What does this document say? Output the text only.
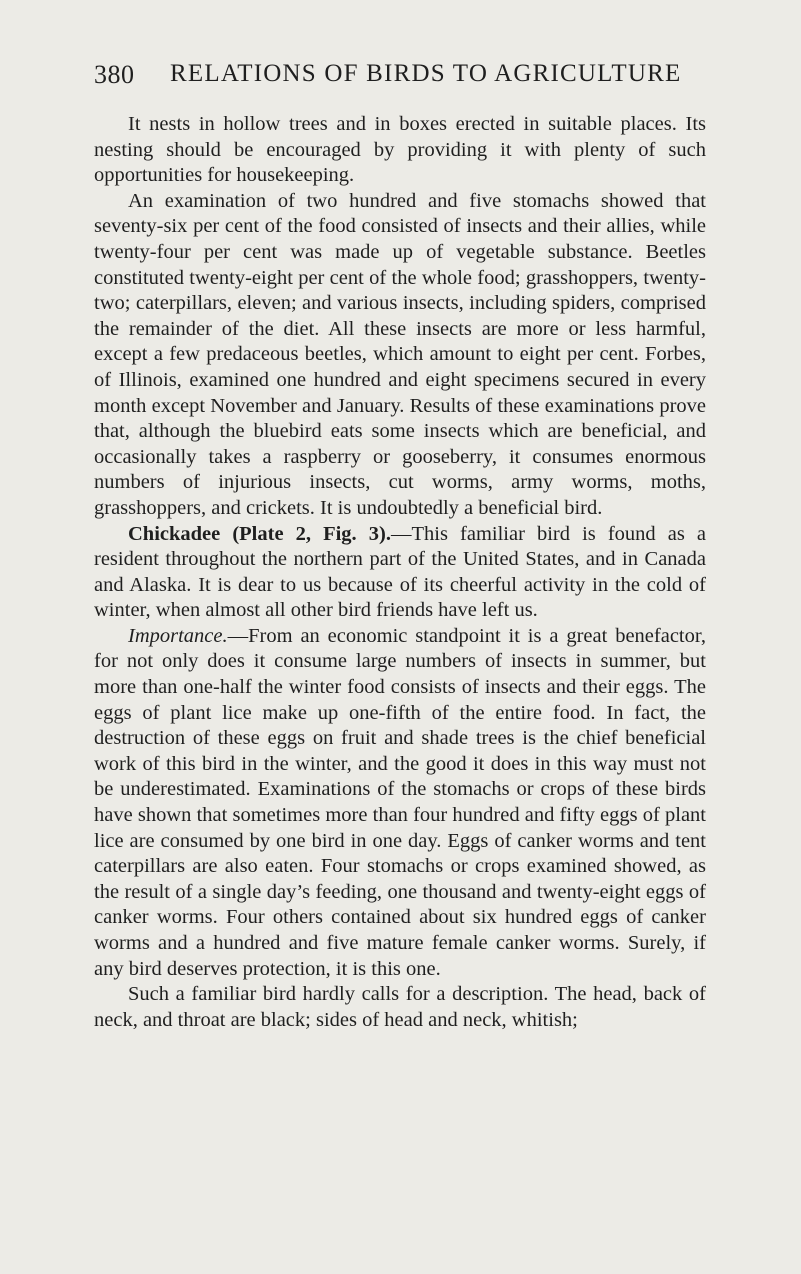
380 RELATIONS OF BIRDS TO AGRICULTURE

It nests in hollow trees and in boxes erected in suitable places. Its nesting should be encouraged by providing it with plenty of such opportunities for housekeeping.

An examination of two hundred and five stomachs showed that seventy-six per cent of the food consisted of insects and their allies, while twenty-four per cent was made up of vegetable substance. Beetles constituted twenty-eight per cent of the whole food; grasshoppers, twenty-two; caterpillars, eleven; and various insects, including spiders, comprised the remainder of the diet. All these insects are more or less harmful, except a few predaceous beetles, which amount to eight per cent. Forbes, of Illinois, examined one hundred and eight specimens secured in every month except November and January. Results of these examinations prove that, although the bluebird eats some insects which are beneficial, and occasionally takes a raspberry or gooseberry, it consumes enormous numbers of injurious insects, cut worms, army worms, moths, grasshoppers, and crickets. It is undoubtedly a beneficial bird.

Chickadee (Plate 2, Fig. 3).—This familiar bird is found as a resident throughout the northern part of the United States, and in Canada and Alaska. It is dear to us because of its cheerful activity in the cold of winter, when almost all other bird friends have left us.

Importance.—From an economic standpoint it is a great benefactor, for not only does it consume large numbers of insects in summer, but more than one-half the winter food consists of insects and their eggs. The eggs of plant lice make up one-fifth of the entire food. In fact, the destruction of these eggs on fruit and shade trees is the chief beneficial work of this bird in the winter, and the good it does in this way must not be underestimated. Examinations of the stomachs or crops of these birds have shown that sometimes more than four hundred and fifty eggs of plant lice are consumed by one bird in one day. Eggs of canker worms and tent caterpillars are also eaten. Four stomachs or crops examined showed, as the result of a single day’s feeding, one thousand and twenty-eight eggs of canker worms. Four others contained about six hundred eggs of canker worms and a hundred and five mature female canker worms. Surely, if any bird deserves protection, it is this one.

Such a familiar bird hardly calls for a description. The head, back of neck, and throat are black; sides of head and neck, whitish;
